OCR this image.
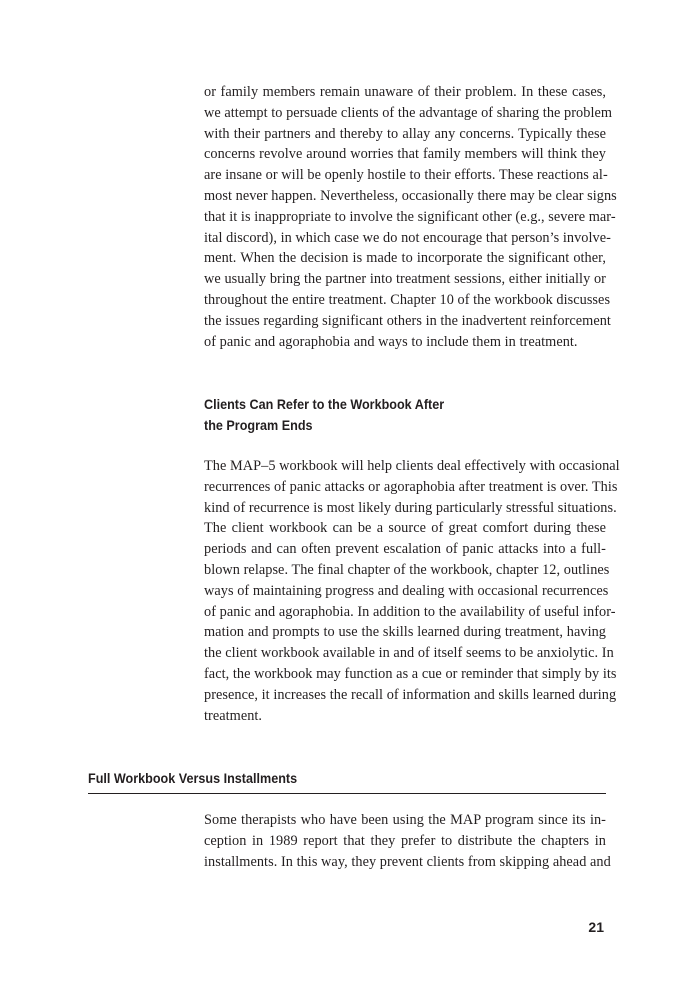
or family members remain unaware of their problem. In these cases,
we attempt to persuade clients of the advantage of sharing the problem
with their partners and thereby to allay any concerns. Typically these
concerns revolve around worries that family members will think they
are insane or will be openly hostile to their efforts. These reactions al-
most never happen. Nevertheless, occasionally there may be clear signs
that it is inappropriate to involve the significant other (e.g., severe mar-
ital discord), in which case we do not encourage that person’s involve-
ment. When the decision is made to incorporate the significant other,
we usually bring the partner into treatment sessions, either initially or
throughout the entire treatment. Chapter 10 of the workbook discusses
the issues regarding significant others in the inadvertent reinforcement
of panic and agoraphobia and ways to include them in treatment.
Clients Can Refer to the Workbook After
the Program Ends
The MAP–5 workbook will help clients deal effectively with occasional
recurrences of panic attacks or agoraphobia after treatment is over. This
kind of recurrence is most likely during particularly stressful situations.
The client workbook can be a source of great comfort during these
periods and can often prevent escalation of panic attacks into a full-
blown relapse. The final chapter of the workbook, chapter 12, outlines
ways of maintaining progress and dealing with occasional recurrences
of panic and agoraphobia. In addition to the availability of useful infor-
mation and prompts to use the skills learned during treatment, having
the client workbook available in and of itself seems to be anxiolytic. In
fact, the workbook may function as a cue or reminder that simply by its
presence, it increases the recall of information and skills learned during
treatment.
Full Workbook Versus Installments
Some therapists who have been using the MAP program since its in-
ception in 1989 report that they prefer to distribute the chapters in
installments. In this way, they prevent clients from skipping ahead and
21
